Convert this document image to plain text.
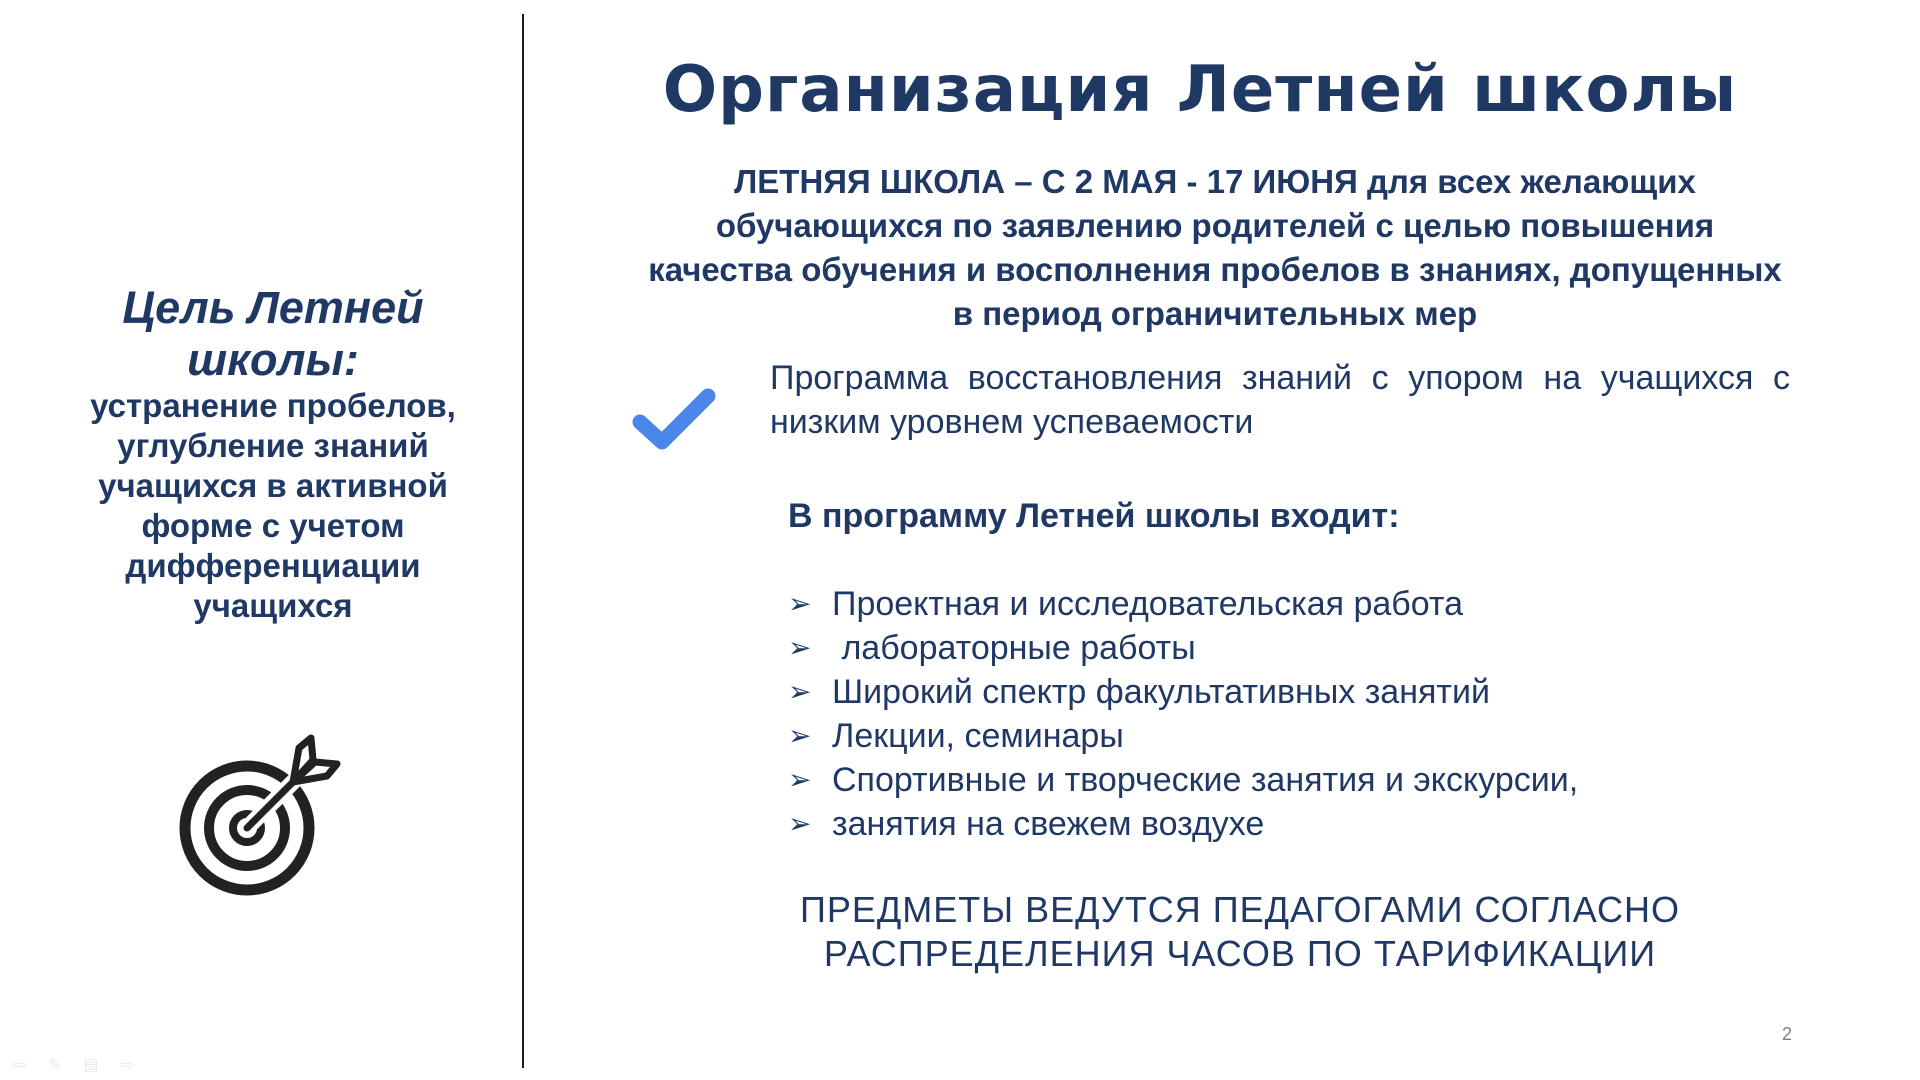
Цель Летней школы:

устранение пробелов, углубление знаний учащихся в активной форме с учетом дифференциации учащихся

Организация Летней школы

ЛЕТНЯЯ ШКОЛА – С 2 МАЯ - 17 ИЮНЯ для всех желающих обучающихся по заявлению родителей с целью повышения качества обучения и восполнения пробелов в знаниях, допущенных в период ограничительных мер

Программа восстановления знаний с упором на учащихся с низким уровнем успеваемости

В программу Летней школы входит:

➢ Проектная и исследовательская работа
➢ лабораторные работы
➢ Широкий спектр факультативных занятий
➢ Лекции, семинары
➢ Спортивные и творческие занятия и экскурсии,
➢ занятия на свежем воздухе

ПРЕДМЕТЫ ВЕДУТСЯ ПЕДАГОГАМИ СОГЛАСНО РАСПРЕДЕЛЕНИЯ ЧАСОВ ПО ТАРИФИКАЦИИ

2
⇦ ✎ ▤ ⇨
